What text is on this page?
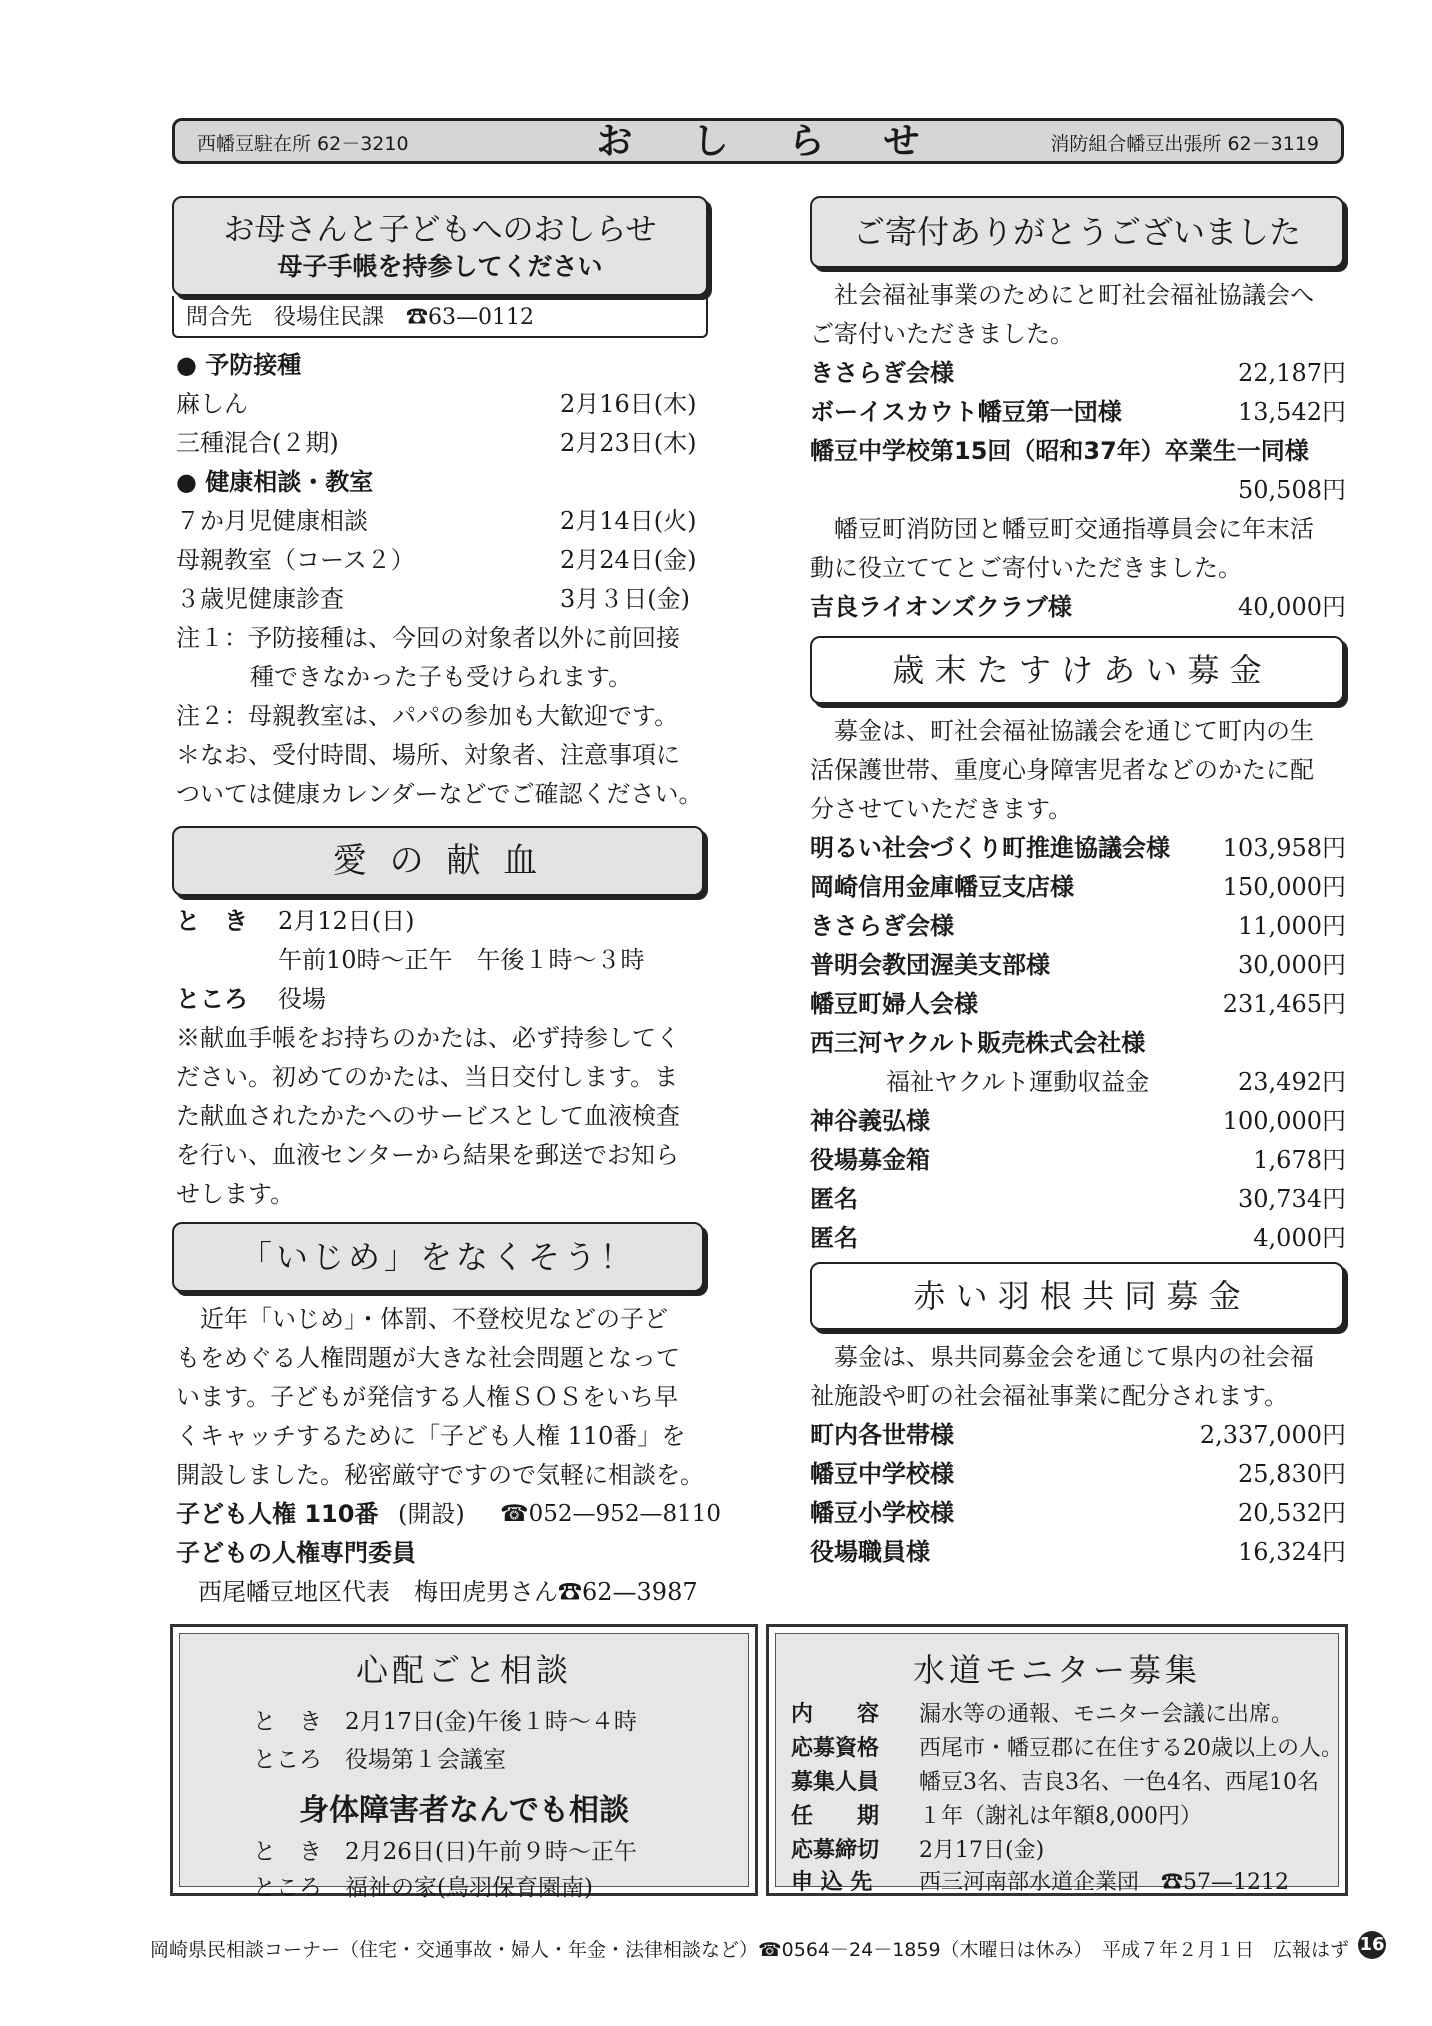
西幡豆駐在所 62－3210	おしらせ	消防組合幡豆出張所 62－3119
お母さんと子どもへのおしらせ
母子手帳を持参してください
問合先　役場住民課　☎63—0112
● 予防接種
麻しん	2月16日(木)
三種混合(２期)	2月23日(木)
● 健康相談・教室
７か月児健康相談	2月14日(火)
母親教室（コース２）	2月24日(金)
３歳児健康診査	3月３日(金)
注１：予防接種は、今回の対象者以外に前回接
種できなかった子も受けられます。
注２：母親教室は、パパの参加も大歓迎です。
＊なお、受付時間、場所、対象者、注意事項に
ついては健康カレンダーなどでご確認ください。
愛 の 献 血
と　き 2月12日(日)
午前10時～正午　午後１時～３時
ところ 役場
※献血手帳をお持ちのかたは、必ず持参してく
ださい。初めてのかたは、当日交付します。ま
た献血されたかたへのサービスとして血液検査
を行い、血液センターから結果を郵送でお知ら
せします。
「いじめ」をなくそう！
　近年「いじめ」・体罰、不登校児などの子ど
もをめぐる人権問題が大きな社会問題となって
います。子どもが発信する人権ＳＯＳをいち早
くキャッチするために「子ども人権 110番」を
開設しました。秘密厳守ですので気軽に相談を。
子ども人権 110番 (開設) ☎052—952—8110
子どもの人権専門委員
西尾幡豆地区代表　梅田虎男さん☎62—3987
ご寄付ありがとうございました
　社会福祉事業のためにと町社会福祉協議会へ
ご寄付いただきました。
きさらぎ会様	22,187円
ボーイスカウト幡豆第一団様	13,542円
幡豆中学校第15回（昭和37年）卒業生一同様
50,508円
　幡豆町消防団と幡豆町交通指導員会に年末活
動に役立ててとご寄付いただきました。
吉良ライオンズクラブ様	40,000円
歳 末 た す け あ い 募 金
　募金は、町社会福祉協議会を通じて町内の生
活保護世帯、重度心身障害児者などのかたに配
分させていただきます。
明るい社会づくり町推進協議会様	103,958円
岡崎信用金庫幡豆支店様	150,000円
きさらぎ会様	11,000円
普明会教団渥美支部様	30,000円
幡豆町婦人会様	231,465円
西三河ヤクルト販売株式会社様
福祉ヤクルト運動収益金	23,492円
神谷義弘様	100,000円
役場募金箱	1,678円
匿名	30,734円
匿名	4,000円
赤 い 羽 根 共 同 募 金
　募金は、県共同募金会を通じて県内の社会福
祉施設や町の社会福祉事業に配分されます。
町内各世帯様	2,337,000円
幡豆中学校様	25,830円
幡豆小学校様	20,532円
役場職員様	16,324円
心配ごと相談
と　き　2月17日(金)午後１時～４時
ところ　役場第１会議室
身体障害者なんでも相談
と　き　2月26日(日)午前９時～正午
ところ　福祉の家(鳥羽保育園南)
水道モニター募集
内　　容 漏水等の通報、モニター会議に出席。
応募資格 西尾市・幡豆郡に在住する20歳以上の人。
募集人員 幡豆3名、吉良3名、一色4名、西尾10名
任　　期 １年（謝礼は年額8,000円）
応募締切 2月17日(金)
申 込 先 西三河南部水道企業団　☎57—1212
岡崎県民相談コーナー（住宅・交通事故・婦人・年金・法律相談など）☎0564－24－1859（木曜日は休み）　平成７年２月１日　広報はず 16
